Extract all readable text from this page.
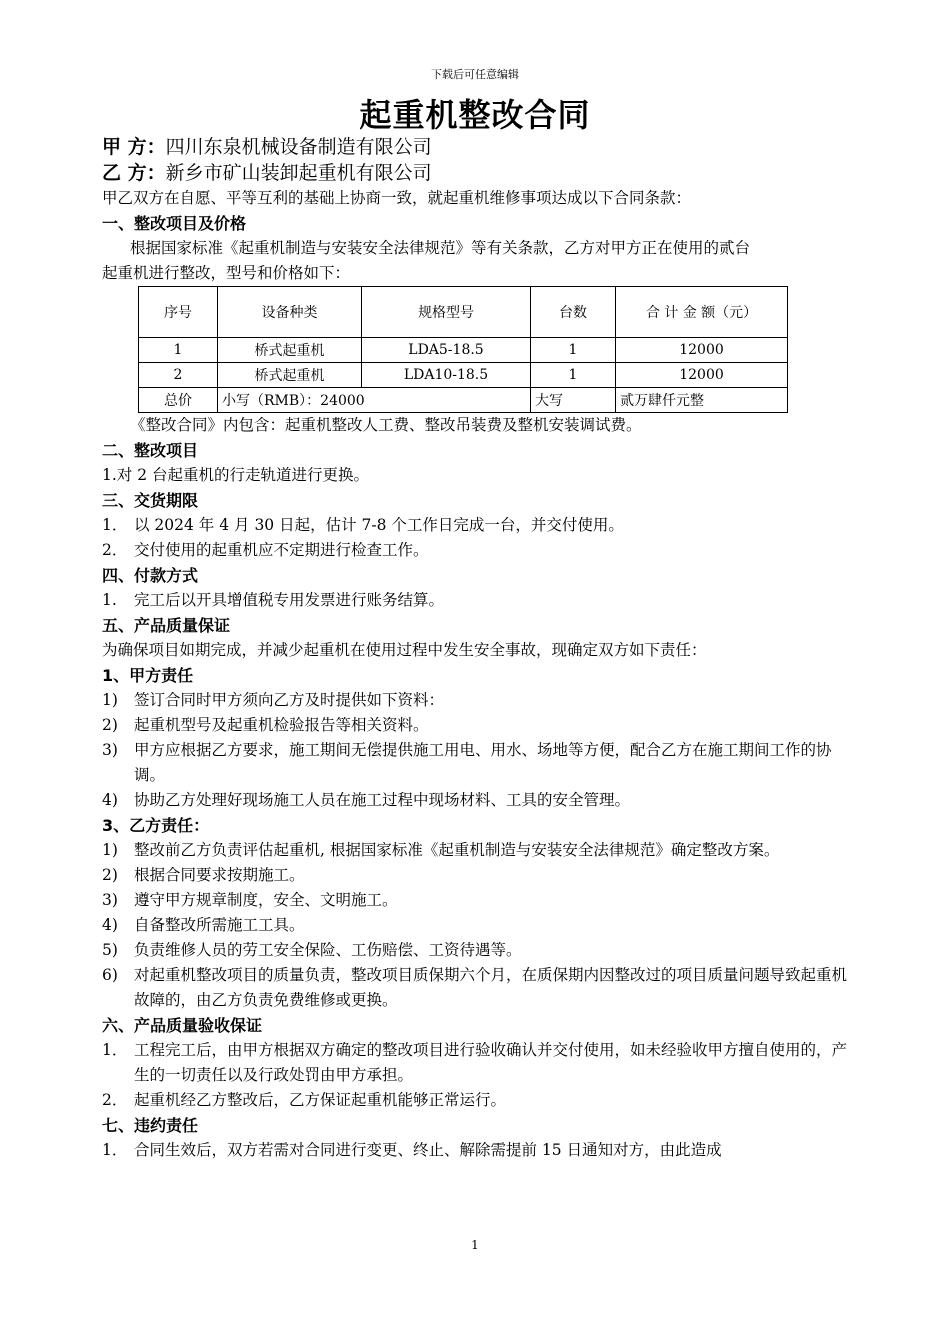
下载后可任意编辑
起重机整改合同
甲 方：四川东泉机械设备制造有限公司
乙 方：新乡市矿山装卸起重机有限公司

甲乙双方在自愿、平等互利的基础上协商一致，就起重机维修事项达成以下合同条款：

一、整改项目及价格

根据国家标准《起重机制造与安装安全法律规范》等有关条款，乙方对甲方正在使用的贰台

起重机进行整改，型号和价格如下：

序号	设备种类	规格型号	台数	合 计 金 额（元）
1	桥式起重机	LDA5-18.5	1	12000
2	桥式起重机	LDA10-18.5	1	12000
总价	小写（RMB）：24000		大写	贰万肆仟元整

《整改合同》内包含：起重机整改人工费、整改吊装费及整机安装调试费。

二、整改项目

1.对 2 台起重机的行走轨道进行更换。

三、交货期限
1． 以 2024 年 4 月 30 日起，估计 7-8 个工作日完成一台，并交付使用。
2． 交付使用的起重机应不定期进行检查工作。
四、付款方式
1.	完工后以开具增值税专用发票进行账务结算。
五、产品质量保证

为确保项目如期完成，并减少起重机在使用过程中发生安全事故，现确定双方如下责任：

1、甲方责任
1)	签订合同时甲方须向乙方及时提供如下资料：
2)	起重机型号及起重机检验报告等相关资料。
3)	甲方应根据乙方要求，施工期间无偿提供施工用电、用水、场地等方便，配合乙方在施工期间工作的协调。
4)	协助乙方处理好现场施工人员在施工过程中现场材料、工具的安全管理。
3、乙方责任：
1)	整改前乙方负责评估起重机, 根据国家标准《起重机制造与安装安全法律规范》确定整改方案。
2)	根据合同要求按期施工。
3)	遵守甲方规章制度，安全、文明施工。
4)	自备整改所需施工工具。
5)	负责维修人员的劳工安全保险、工伤赔偿、工资待遇等。
6)	对起重机整改项目的质量负责，整改项目质保期六个月，在质保期内因整改过的项目质量问题导致起重机故障的，由乙方负责免费维修或更换。
六、产品质量验收保证
1． 工程完工后，由甲方根据双方确定的整改项目进行验收确认并交付使用，如未经验收甲方擅自使用的，产生的一切责任以及行政处罚由甲方承担。
2． 起重机经乙方整改后，乙方保证起重机能够正常运行。
七、违约责任
1． 合同生效后，双方若需对合同进行变更、终止、解除需提前 15 日通知对方，由此造成
1
